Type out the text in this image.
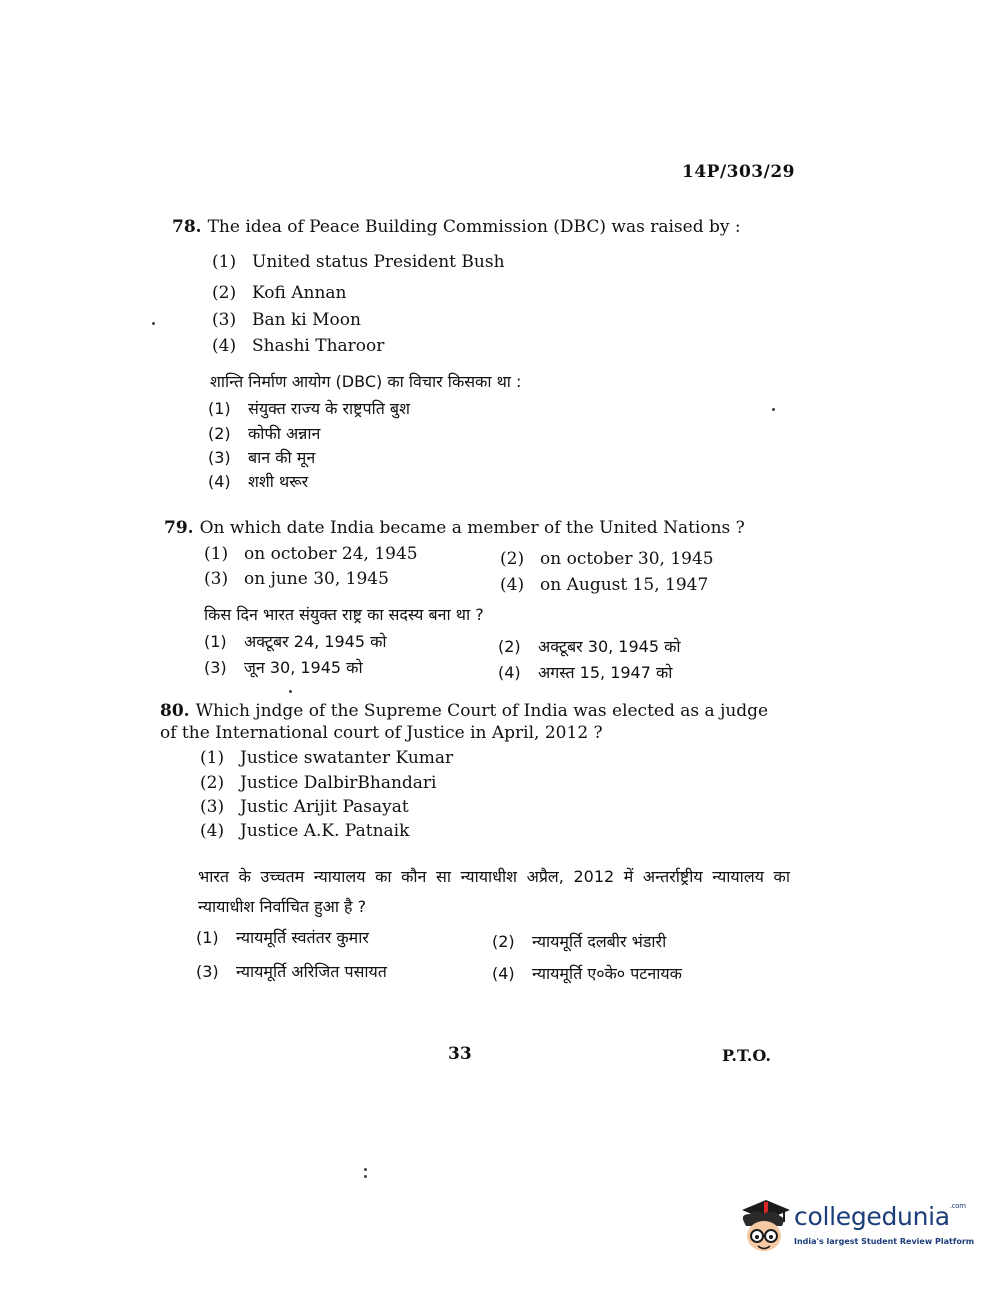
14P/303/29
78. The idea of Peace Building Commission (DBC) was raised by :
(1) United status President Bush
(2) Kofi Annan
(3) Ban ki Moon
(4) Shashi Tharoor
शान्ति निर्माण आयोग (DBC) का विचार किसका था :
(1) संयुक्त राज्य के राष्ट्रपति बुश
(2) कोफी अन्नान
(3) बान की मून
(4) शशी थरूर
79. On which date India became a member of the United Nations ?
(1) on october 24, 1945	(2) on october 30, 1945
(3) on june 30, 1945	(4) on August 15, 1947
किस दिन भारत संयुक्त राष्ट्र का सदस्य बना था ?
(1) अक्टूबर 24, 1945 को	(2) अक्टूबर 30, 1945 को
(3) जून 30, 1945 को	(4) अगस्त 15, 1947 को
80. Which jndge of the Supreme Court of India was elected as a judge of the International court of Justice in April, 2012 ?
(1) Justice swatanter Kumar
(2) Justice DalbirBhandari
(3) Justic Arijit Pasayat
(4) Justice A.K. Patnaik
भारत के उच्चतम न्यायालय का कौन सा न्यायाधीश अप्रैल, 2012 में अन्तर्राष्ट्रीय न्यायालय का न्यायाधीश निर्वाचित हुआ है ?
(1) न्यायमूर्ति स्वतंतर कुमार	(2) न्यायमूर्ति दलबीर भंडारी
(3) न्यायमूर्ति अरिजित पसायत	(4) न्यायमूर्ति ए०के० पटनायक
33	P.T.O.
collegedunia$^{.com}$
India's largest Student Review Platform
